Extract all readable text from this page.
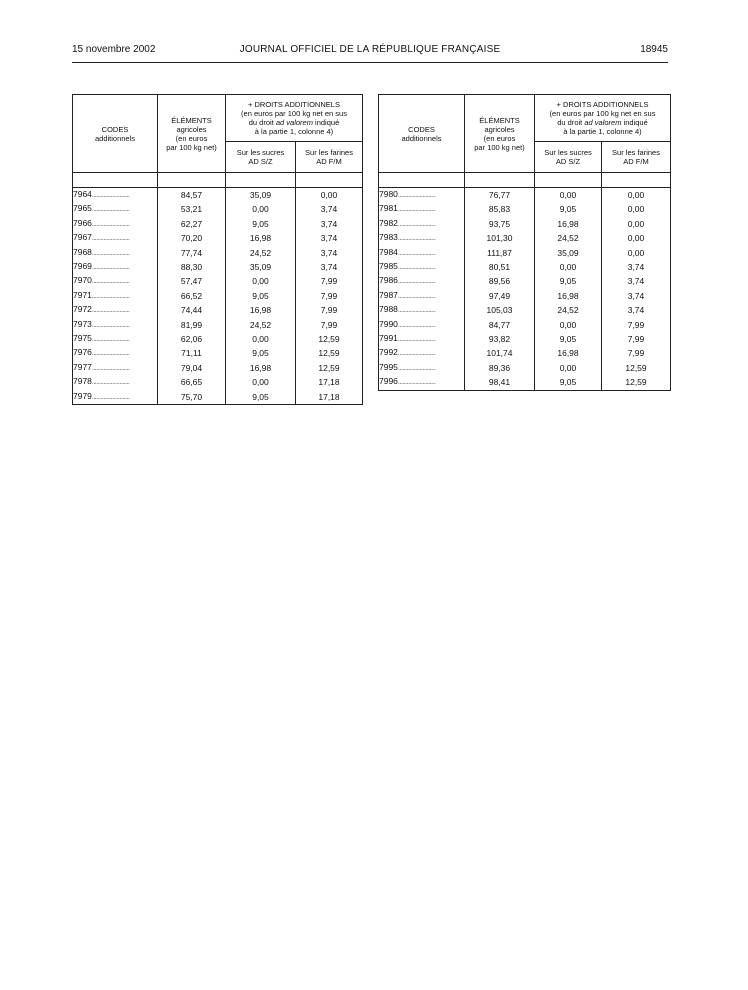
15 novembre 2002	JOURNAL OFFICIEL DE LA RÉPUBLIQUE FRANÇAISE	18945
CODES
additionnels	ÉLÉMENTS
agricoles
(en euros
par 100 kg net)	+ DROITS ADDITIONNELS
(en euros par 100 kg net en sus
du droit ad valorem indiqué
à la partie 1, colonne 4)	

		Sur les sucres
AD S/Z	Sur les farines
AD F/M

7964..........................	84,57	35,09	0,00
7965..........................	53,21	0,00	3,74
7966..........................	62,27	9,05	3,74
7967..........................	70,20	16,98	3,74
7968..........................	77,74	24,52	3,74
7969..........................	88,30	35,09	3,74
7970..........................	57,47	0,00	7,99
7971..........................	66,52	9,05	7,99
7972..........................	74,44	16,98	7,99
7973..........................	81,99	24,52	7,99
7975..........................	62,06	0,00	12,59
7976..........................	71,11	9,05	12,59
7977..........................	79,04	16,98	12,59
7978..........................	66,65	0,00	17,18
7979..........................	75,70	9,05	17,18
CODES
additionnels	ÉLÉMENTS
agricoles
(en euros
par 100 kg net)	+ DROITS ADDITIONNELS
(en euros par 100 kg net en sus
du droit ad valorem indiqué
à la partie 1, colonne 4)	

		Sur les sucres
AD S/Z	Sur les farines
AD F/M

7980..........................	76,77	0,00	0,00
7981..........................	85,83	9,05	0,00
7982..........................	93,75	16,98	0,00
7983..........................	101,30	24,52	0,00
7984..........................	111,87	35,09	0,00
7985..........................	80,51	0,00	3,74
7986..........................	89,56	9,05	3,74
7987..........................	97,49	16,98	3,74
7988..........................	105,03	24,52	3,74
7990..........................	84,77	0,00	7,99
7991..........................	93,82	9,05	7,99
7992..........................	101,74	16,98	7,99
7995..........................	89,36	0,00	12,59
7996..........................	98,41	9,05	12,59
